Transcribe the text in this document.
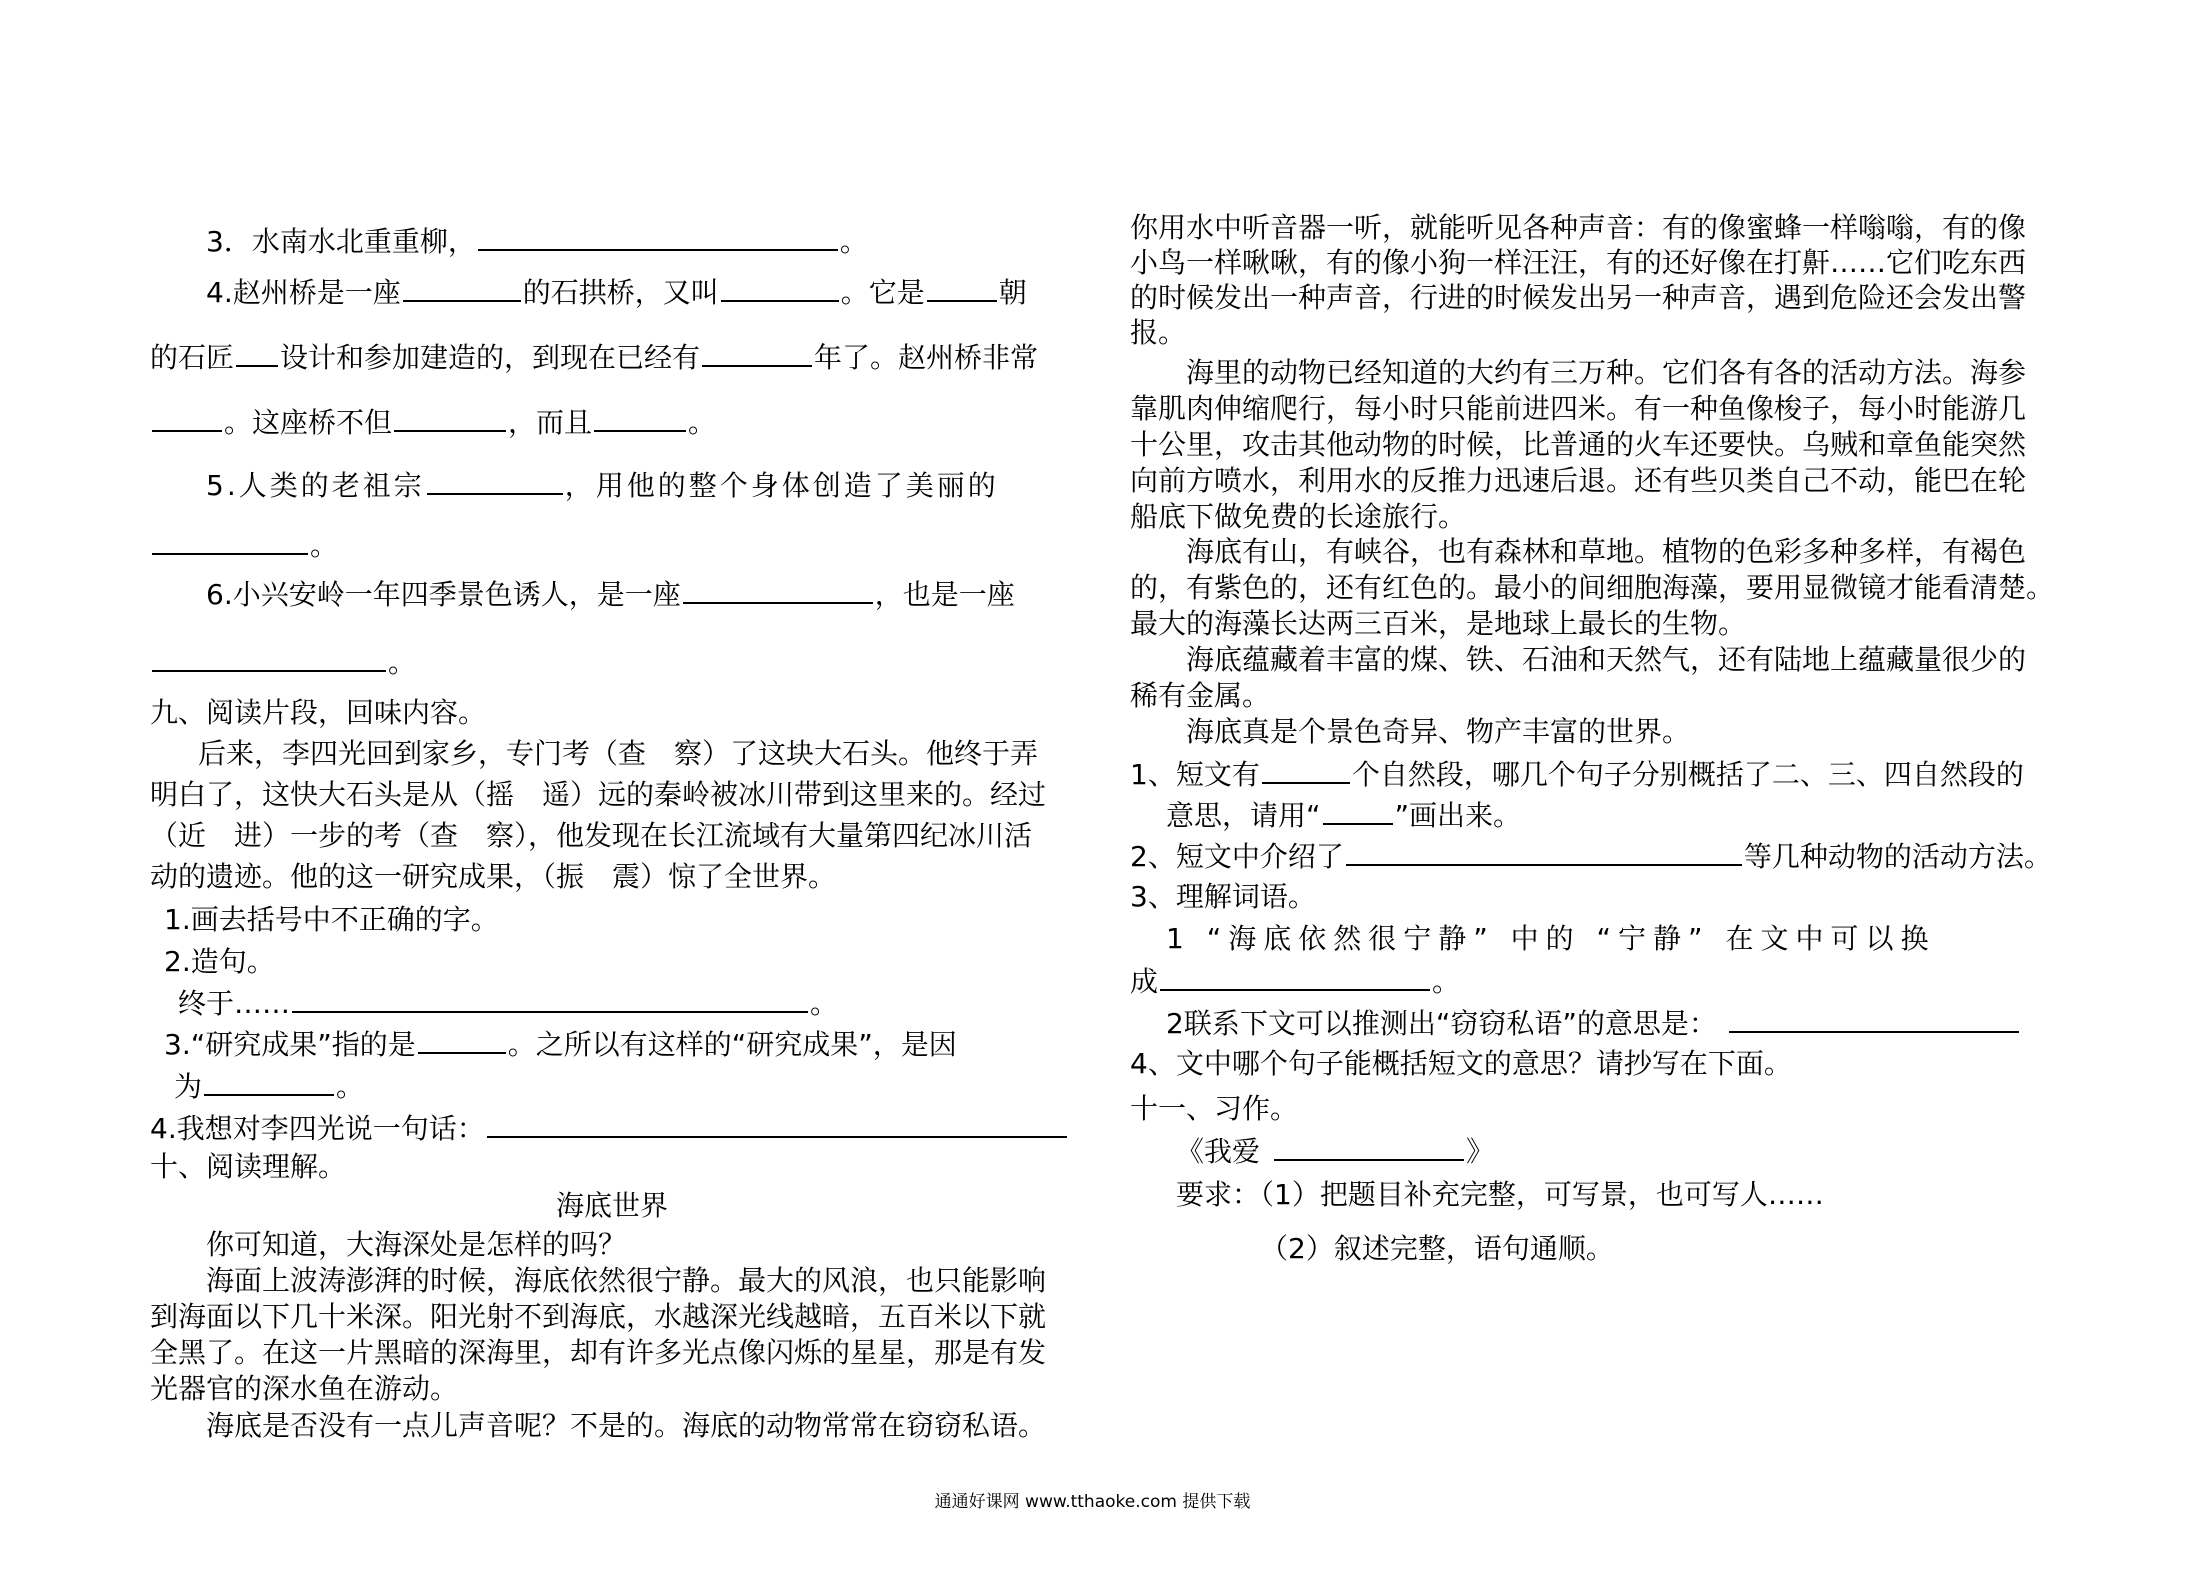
3．水南水北重重柳，	。
4.赵州桥是一座	的石拱桥，又叫	。它是	朝
的石匠 设计和参加建造的，到现在已经有	年了。赵州桥非常
。这座桥不但	，而且	。
5.人类的老祖宗	，用他的整个身体创造了美丽的
。
6.小兴安岭一年四季景色诱人，是一座	，也是一座
。
九、阅读片段，回味内容。
后来，李四光回到家乡，专门考（查　察）了这块大石头。他终于弄
明白了，这快大石头是从（摇　遥）远的秦岭被冰川带到这里来的。经过
（近　进）一步的考（查　察），他发现在长江流域有大量第四纪冰川活
动的遗迹。他的这一研究成果，（振　震）惊了全世界。
1.画去括号中不正确的字。
2.造句。
终于……	。
3.“研究成果”指的是	。之所以有这样的“研究成果”，是因
为	。
4.我想对李四光说一句话：
十、阅读理解。
海底世界
你可知道，大海深处是怎样的吗？
海面上波涛澎湃的时候，海底依然很宁静。最大的风浪，也只能影响
到海面以下几十米深。阳光射不到海底，水越深光线越暗，五百米以下就
全黑了。在这一片黑暗的深海里，却有许多光点像闪烁的星星，那是有发
光器官的深水鱼在游动。
海底是否没有一点儿声音呢？不是的。海底的动物常常在窃窃私语。
你用水中听音器一听，就能听见各种声音：有的像蜜蜂一样嗡嗡，有的像
小鸟一样啾啾，有的像小狗一样汪汪，有的还好像在打鼾……它们吃东西
的时候发出一种声音，行进的时候发出另一种声音，遇到危险还会发出警
报。
海里的动物已经知道的大约有三万种。它们各有各的活动方法。海参
靠肌肉伸缩爬行，每小时只能前进四米。有一种鱼像梭子，每小时能游几
十公里，攻击其他动物的时候，比普通的火车还要快。乌贼和章鱼能突然
向前方喷水，利用水的反推力迅速后退。还有些贝类自己不动，能巴在轮
船底下做免费的长途旅行。
海底有山，有峡谷，也有森林和草地。植物的色彩多种多样，有褐色
的，有紫色的，还有红色的。最小的间细胞海藻，要用显微镜才能看清楚。
最大的海藻长达两三百米，是地球上最长的生物。
海底蕴藏着丰富的煤、铁、石油和天然气，还有陆地上蕴藏量很少的
稀有金属。
海底真是个景色奇异、物产丰富的世界。
1、短文有	个自然段，哪几个句子分别概括了二、三、四自然段的
意思，请用“	”画出来。
2、短文中介绍了	等几种动物的活动方法。
3、理解词语。
1 “海底依然很宁静” 中的 “宁静” 在文中可以换
成	。
2联系下文可以推测出“窃窃私语”的意思是：
4、文中哪个句子能概括短文的意思？请抄写在下面。
十一、习作。
《我爱	》
要求：（1）把题目补充完整，可写景，也可写人……
（2）叙述完整，语句通顺。
通通好课网 www.tthaoke.com 提供下载
